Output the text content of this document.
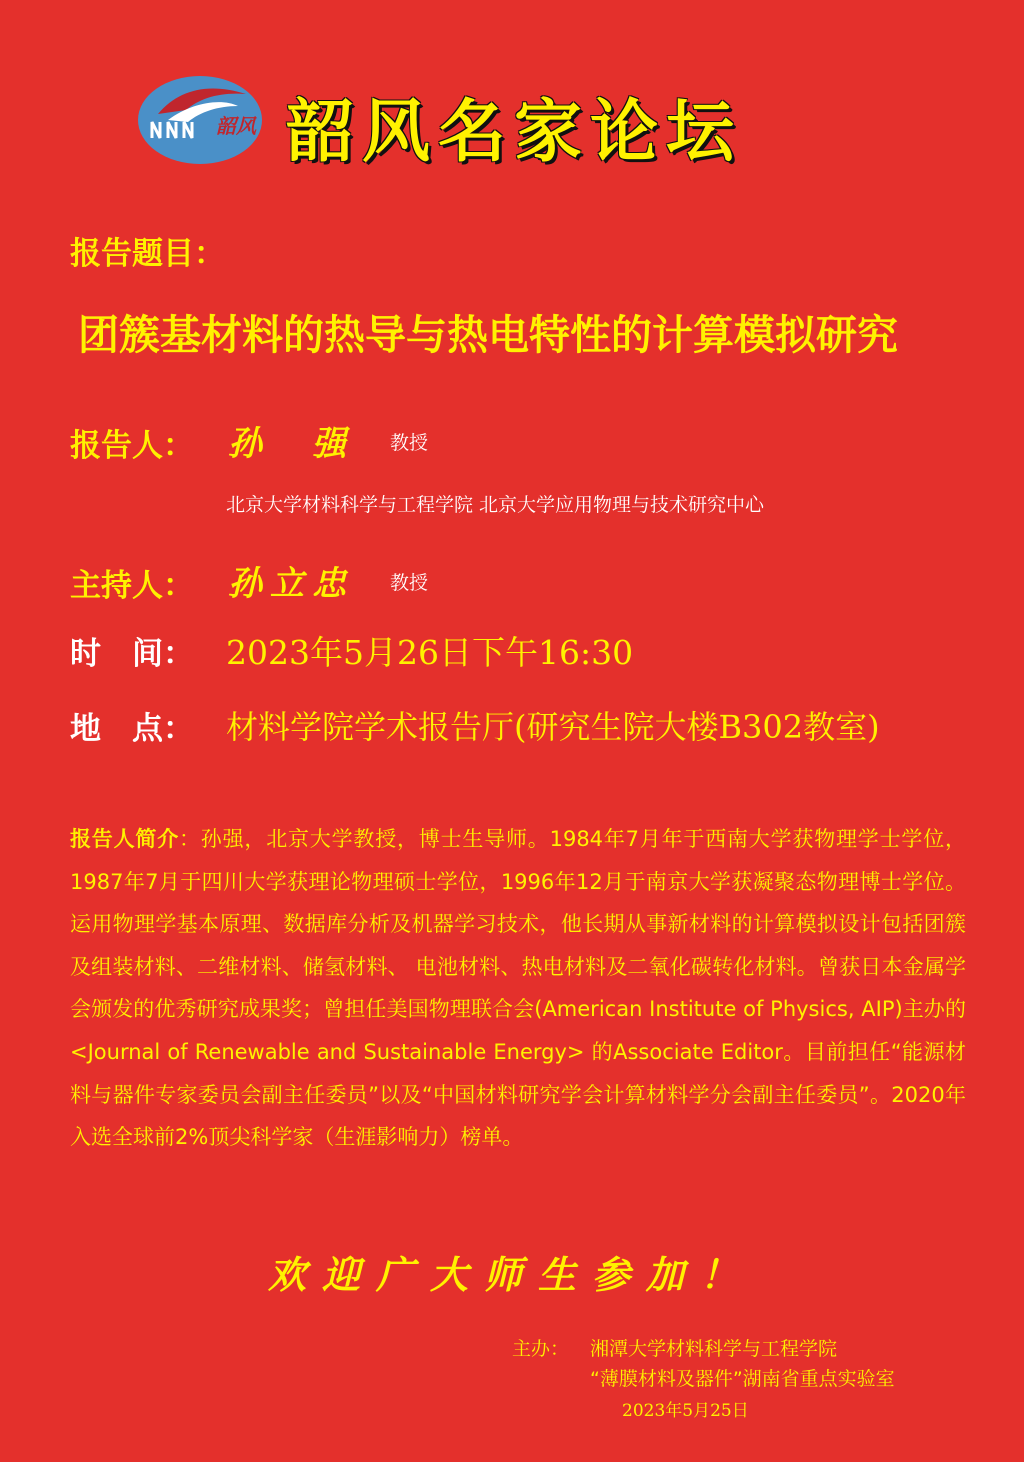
韶风 韶风名家论坛
报告题目：
团簇基材料的热导与热电特性的计算模拟研究
报告人： 孙　强 教授
北京大学材料科学与工程学院 北京大学应用物理与技术研究中心
主持人： 孙立忠 教授
时　间： 2023年5月26日下午16:30
地　点： 材料学院学术报告厅(研究生院大楼B302教室)
报告人简介：孙强，北京大学教授，博士生导师。1984年7月年于西南大学获物理学士学位，1987年7月于四川大学获理论物理硕士学位，1996年12月于南京大学获凝聚态物理博士学位。运用物理学基本原理、数据库分析及机器学习技术，他长期从事新材料的计算模拟设计包括团簇及组装材料、二维材料、储氢材料、 电池材料、热电材料及二氧化碳转化材料。曾获日本金属学会颁发的优秀研究成果奖；曾担任美国物理联合会(American Institute of Physics, AIP)主办的<Journal of Renewable and Sustainable Energy> 的Associate Editor。目前担任“能源材料与器件专家委员会副主任委员”以及“中国材料研究学会计算材料学分会副主任委员”。2020年入选全球前2%顶尖科学家（生涯影响力）榜单。
欢迎广大师生参加！
主办： 湘潭大学材料科学与工程学院
“薄膜材料及器件”湖南省重点实验室
2023年5月25日
